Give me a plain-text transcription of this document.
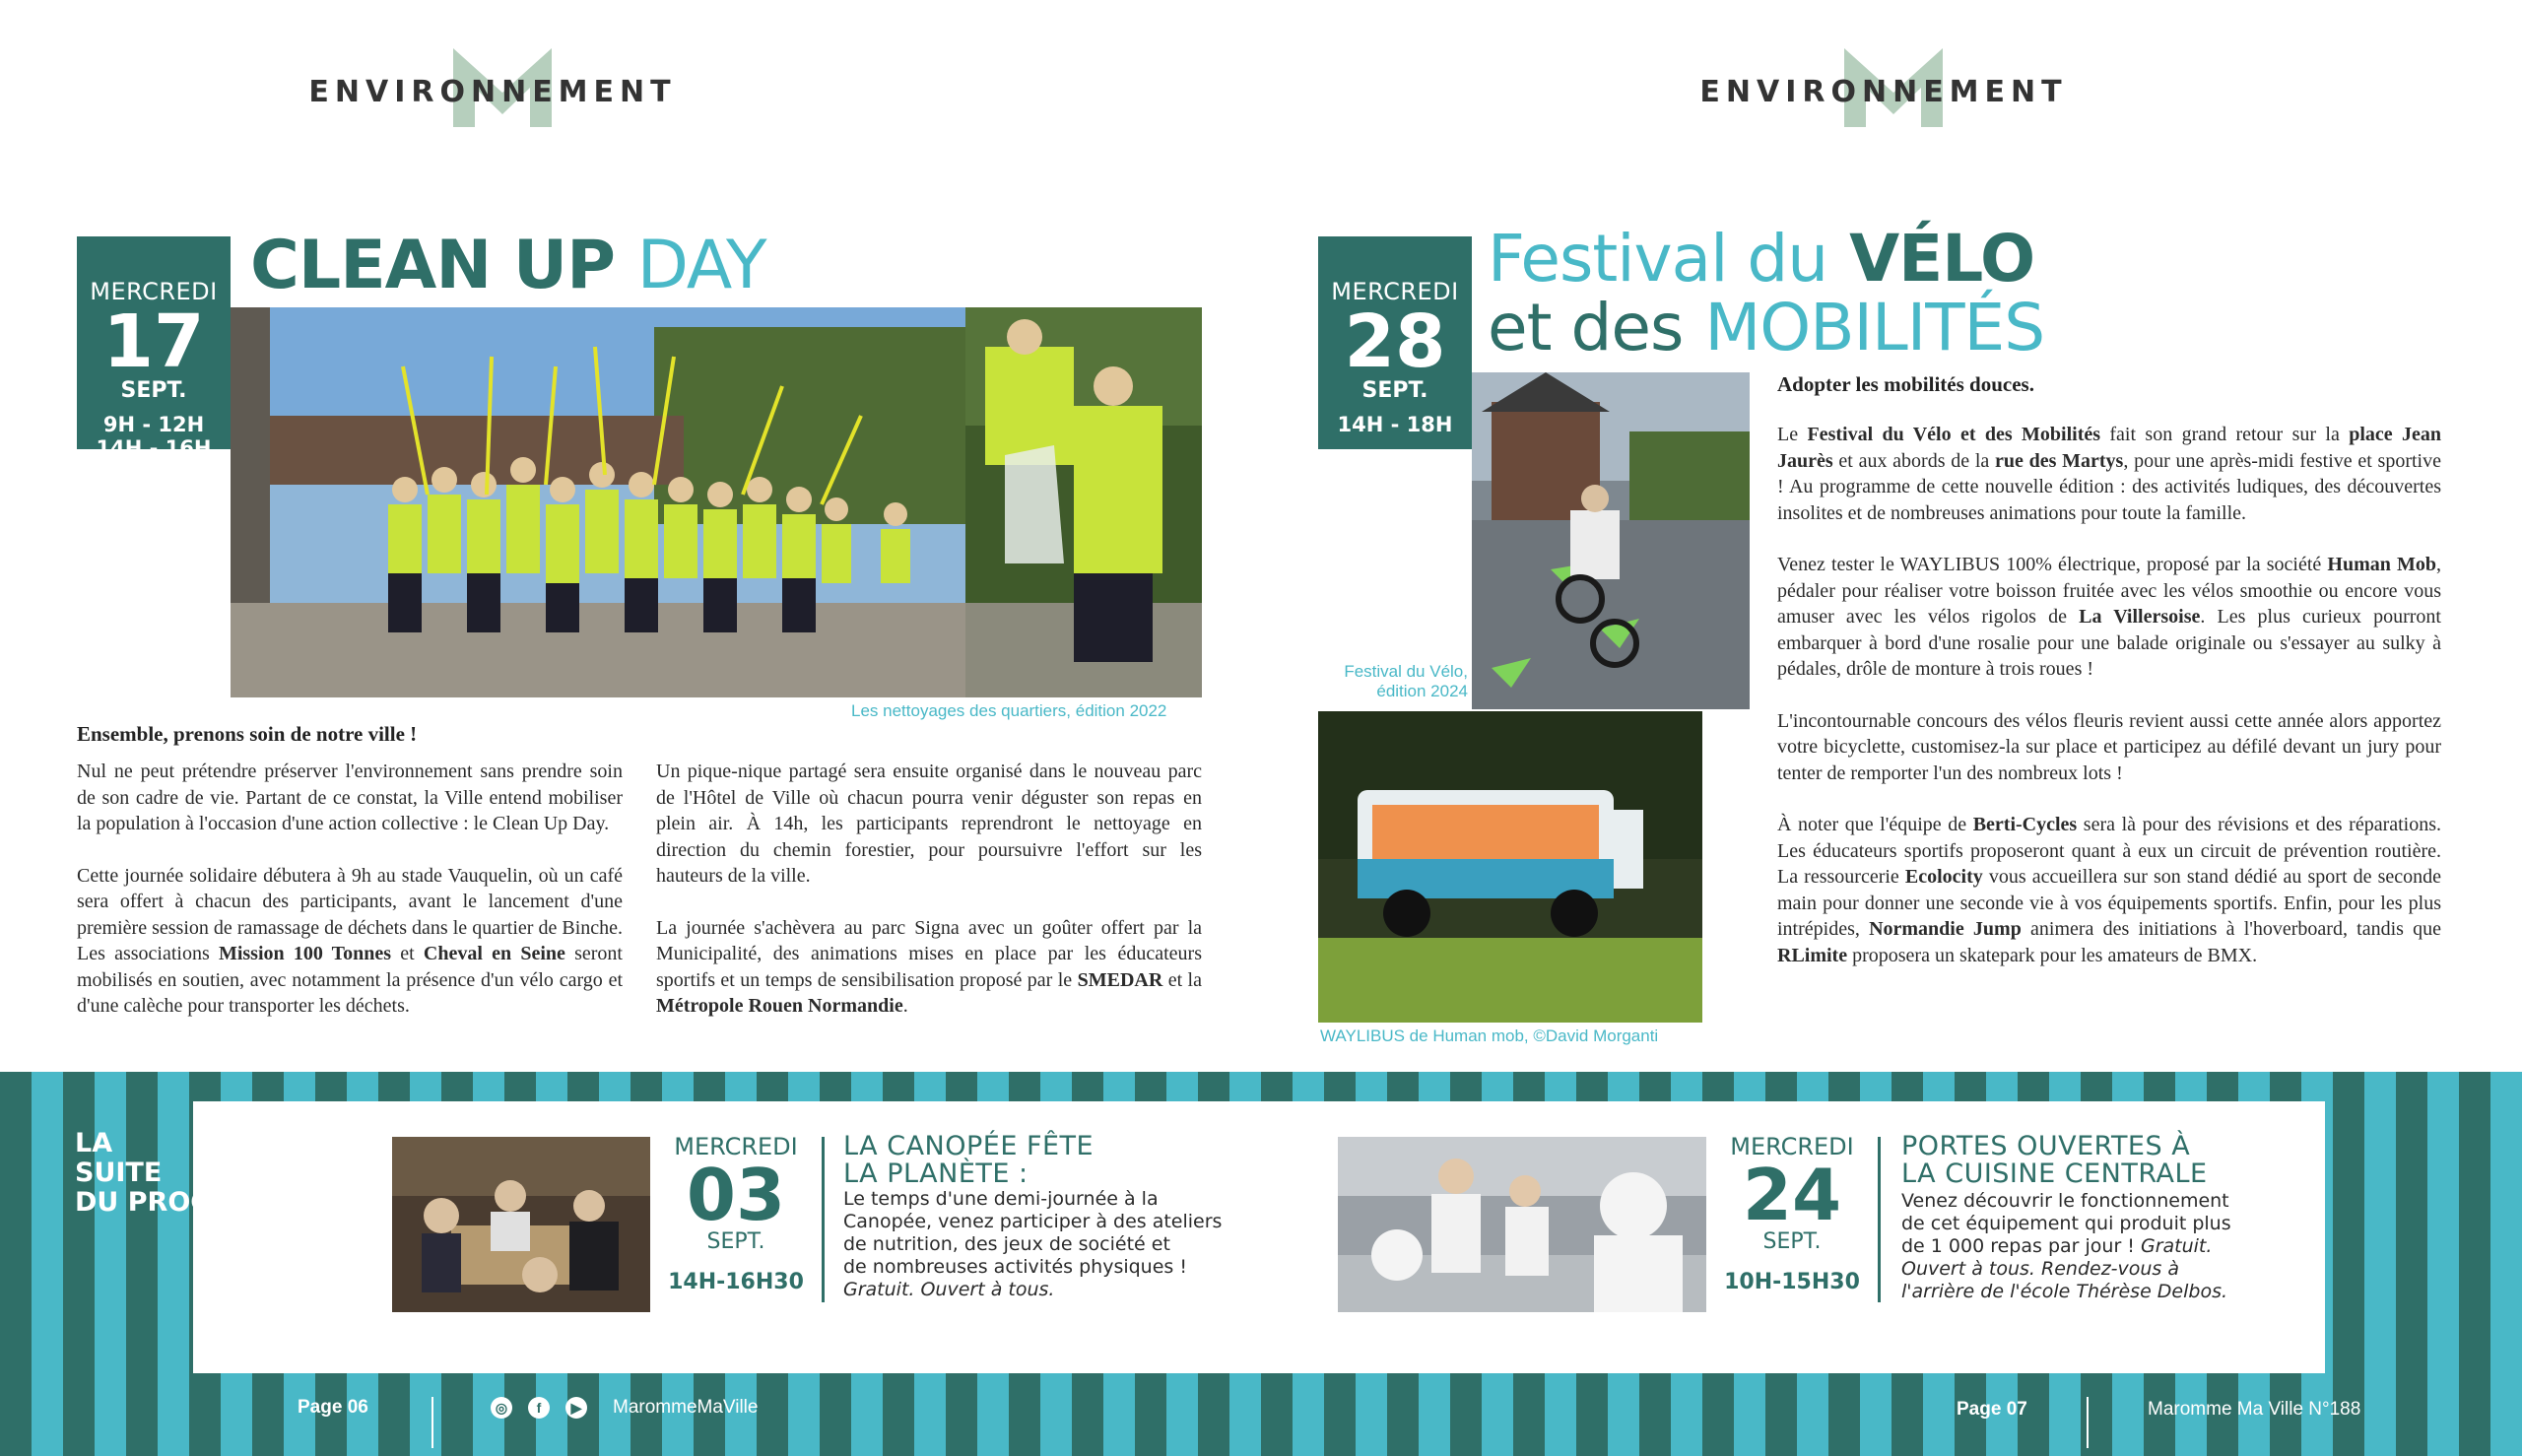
ENVIRONNEMENT	ENVIRONNEMENT
MERCREDI
17
SEPT.
9H - 12H
14H - 16H
CLEAN UP DAY
Les nettoyages des quartiers, édition 2022
Ensemble, prenons soin de notre ville !

Nul ne peut prétendre préserver l'environnement sans prendre soin de son cadre de vie. Partant de ce constat, la Ville entend mobiliser la population à l'occasion d'une action collective : le Clean Up Day.

Cette journée solidaire débutera à 9h au stade Vauquelin, où un café sera offert à chacun des participants, avant le lancement d'une première session de ramassage de déchets dans le quartier de Binche. Les associations Mission 100 Tonnes et Cheval en Seine seront mobilisés en soutien, avec notamment la présence d'un vélo cargo et d'une calèche pour transporter les déchets.

Un pique-nique partagé sera ensuite organisé dans le nouveau parc de l'Hôtel de Ville où chacun pourra venir déguster son repas en plein air. À 14h, les participants reprendront le nettoyage en direction du chemin forestier, pour poursuivre l'effort sur les hauteurs de la ville.

La journée s'achèvera au parc Signa avec un goûter offert par la Municipalité, des animations mises en place par les éducateurs sportifs et un temps de sensibilisation proposé par le SMEDAR et la Métropole Rouen Normandie.

MERCREDI
28
SEPT.
14H - 18H
Festival du VÉLO
et des MOBILITÉS
Festival du Vélo,
édition 2024
WAYLIBUS de Human mob, ©David Morganti
Adopter les mobilités douces.

Le Festival du Vélo et des Mobilités fait son grand retour sur la place Jean Jaurès et aux abords de la rue des Martys, pour une après-midi festive et sportive ! Au programme de cette nouvelle édition : des activités ludiques, des découvertes insolites et de nombreuses animations pour toute la famille.

Venez tester le WAYLIBUS 100% électrique, proposé par la société Human Mob, pédaler pour réaliser votre boisson fruitée avec les vélos smoothie ou encore vous amuser avec les vélos rigolos de La Villersoise. Les plus curieux pourront embarquer à bord d'une rosalie pour une balade originale ou s'essayer au sulky à pédales, drôle de monture à trois roues !

L'incontournable concours des vélos fleuris revient aussi cette année alors apportez votre bicyclette, customisez-la sur place et participez au défilé devant un jury pour tenter de remporter l'un des nombreux lots !

À noter que l'équipe de Berti-Cycles sera là pour des révisions et des réparations. Les éducateurs sportifs proposeront quant à eux un circuit de prévention routière. La ressourcerie Ecolocity vous accueillera sur son stand dédié au sport de seconde main pour donner une seconde vie à vos équipements sportifs. Enfin, pour les plus intrépides, Normandie Jump animera des initiations à l'hoverboard, tandis que RLimite proposera un skatepark pour les amateurs de BMX.

LA
SUITE
DU PROGRAMME :
MERCREDI
03
SEPT.
14H-16H30
LA CANOPÉE FÊTE
LA PLANÈTE :
Le temps d'une demi-journée à la
Canopée, venez participer à des ateliers
de nutrition, des jeux de société et
de nombreuses activités physiques !
Gratuit. Ouvert à tous.
MERCREDI
24
SEPT.
10H-15H30
PORTES OUVERTES À
LA CUISINE CENTRALE
Venez découvrir le fonctionnement
de cet équipement qui produit plus
de 1 000 repas par jour ! Gratuit.
Ouvert à tous. Rendez-vous à
l'arrière de l'école Thérèse Delbos.
Page 06	◎	f	▶ MarommeMaVille	Page 07	Maromme Ma Ville N°188
